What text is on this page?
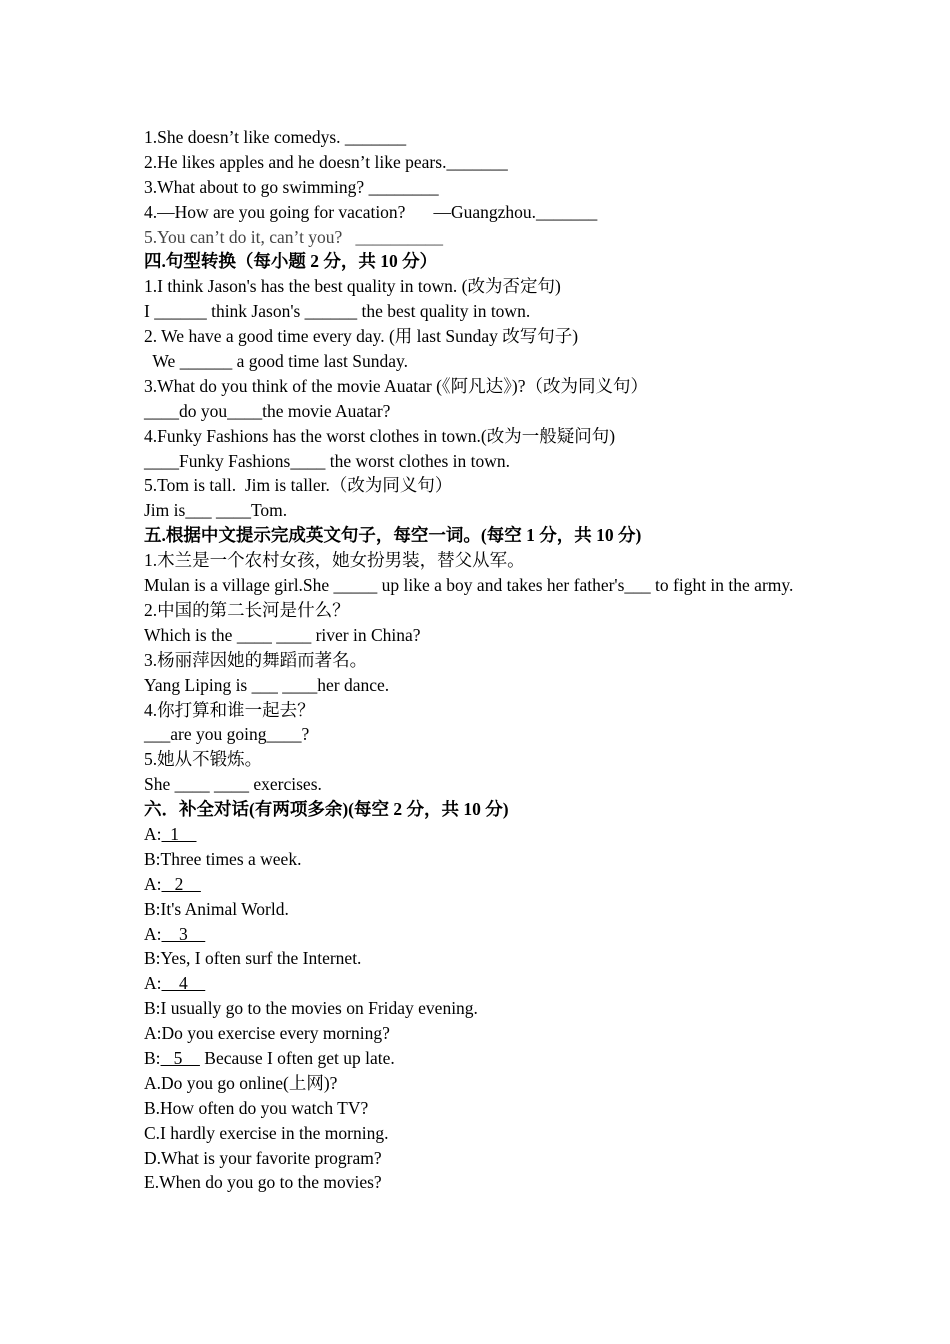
1.She doesn’t like comedys. _______
2.He likes apples and he doesn’t like pears._______
3.What about to go swimming? ________
4.—How are you going for vacation? —Guangzhou._______
5.You can’t do it, can’t you?   __________
四.句型转换（每小题 2 分，共 10 分）
1.I think Jason's has the best quality in town. (改为否定句)
I ______ think Jason's ______ the best quality in town.
2. We have a good time every day. (用 last Sunday 改写句子)
We ______ a good time last Sunday.
3.What do you think of the movie Auatar (《阿凡达》)?（改为同义句）
____do you____the movie Auatar?
4.Funky Fashions has the worst clothes in town.(改为一般疑问句)
____Funky Fashions____ the worst clothes in town.
5.Tom is tall.  Jim is taller.（改为同义句）
Jim is___ ____Tom.
五.根据中文提示完成英文句子，每空一词。(每空 1 分，共 10 分)
1.木兰是一个农村女孩，她女扮男装，替父从军。
Mulan is a village girl.She _____ up like a boy and takes her father's___ to fight in the army.
2.中国的第二长河是什么？
Which is the ____ ____ river in China?
3.杨丽萍因她的舞蹈而著名。
Yang Liping is ___ ____her dance.
4.你打算和谁一起去？
___are you going____?
5.她从不锻炼。
She ____ ____ exercises.
六．补全对话(有两项多余)(每空 2 分，共 10 分)
A:  1
B:Three times a week.
A:   2
B:It's Animal World.
A:    3
B:Yes, I often surf the Internet.
A:    4
B:I usually go to the movies on Friday evening.
A:Do you exercise every morning?
B:   5     Because I often get up late.
A.Do you go online(上网)?
B.How often do you watch TV?
C.I hardly exercise in the morning.
D.What is your favorite program?
E.When do you go to the movies?
